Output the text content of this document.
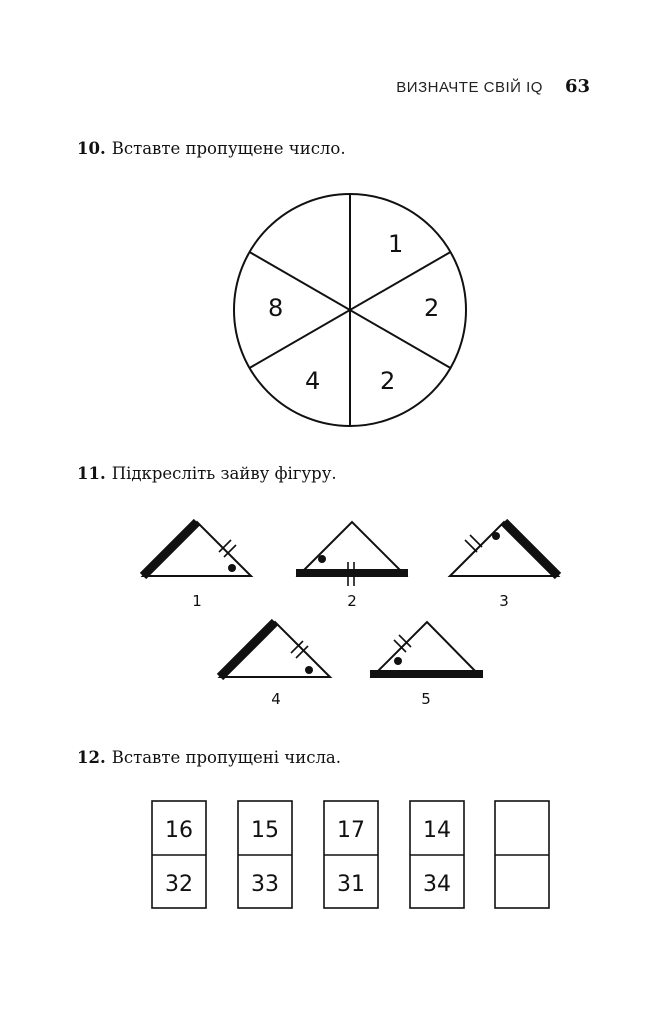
ВИЗНАЧТЕ СВІЙ IQ 63
10. Вставте пропущене число.
11. Підкресліть зайву фігуру.
12. Вставте пропущені числа.
1
2
2
4
8
1	2	3
4	5
16
32
15
33
17
31
14
34
